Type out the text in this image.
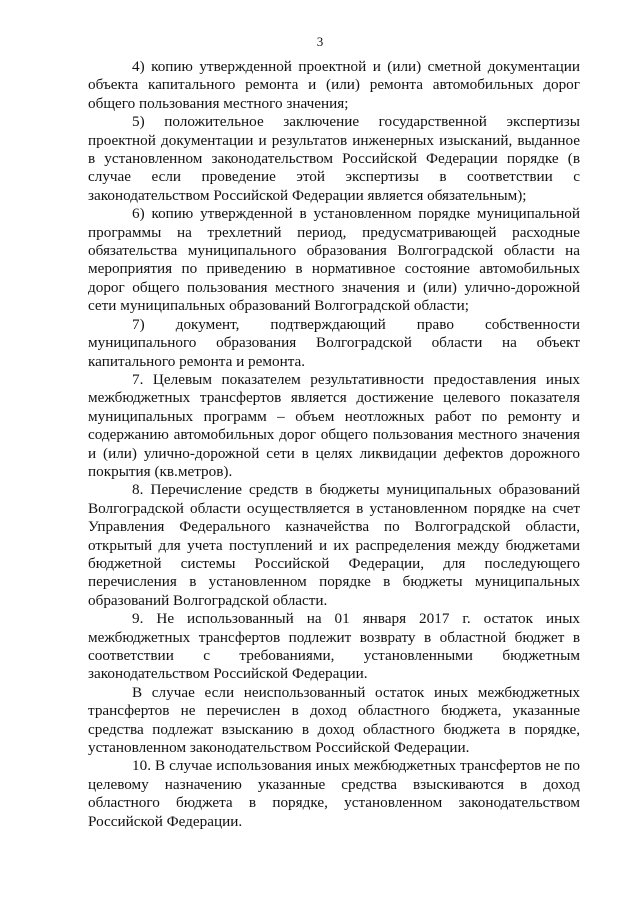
3

4) копию утвержденной проектной и (или) сметной документации объекта капитального ремонта и (или) ремонта автомобильных дорог общего пользования местного значения;

5) положительное заключение государственной экспертизы проектной документации и результатов инженерных изысканий, выданное в установленном законодательством Российской Федерации порядке (в случае если проведение этой экспертизы в соответствии с законодательством Российской Федерации является обязательным);

6) копию утвержденной в установленном порядке муниципальной программы на трехлетний период, предусматривающей расходные обязательства муниципального образования Волгоградской области на мероприятия по приведению в нормативное состояние автомобильных дорог общего пользования местного значения и (или) улично-дорожной сети муниципальных образований Волгоградской области;

7) документ, подтверждающий право собственности муниципального образования Волгоградской области на объект капитального ремонта и ремонта.

7. Целевым показателем результативности предоставления иных межбюджетных трансфертов является достижение целевого показателя муниципальных программ – объем неотложных работ по ремонту и содержанию автомобильных дорог общего пользования местного значения и (или) улично-дорожной сети в целях ликвидации дефектов дорожного покрытия (кв.метров).

8. Перечисление средств в бюджеты муниципальных образований Волгоградской области осуществляется в установленном порядке на счет Управления Федерального казначейства по Волгоградской области, открытый для учета поступлений и их распределения между бюджетами бюджетной системы Российской Федерации, для последующего перечисления в установленном порядке в бюджеты муниципальных образований Волгоградской области.

9. Не использованный на 01 января 2017 г. остаток иных межбюджетных трансфертов подлежит возврату в областной бюджет в соответствии с требованиями, установленными бюджетным законодательством Российской Федерации.

В случае если неиспользованный остаток иных межбюджетных трансфертов не перечислен в доход областного бюджета, указанные средства подлежат взысканию в доход областного бюджета в порядке, установленном законодательством Российской Федерации.

10. В случае использования иных межбюджетных трансфертов не по целевому назначению указанные средства взыскиваются в доход областного бюджета в порядке, установленном законодательством Российской Федерации.
